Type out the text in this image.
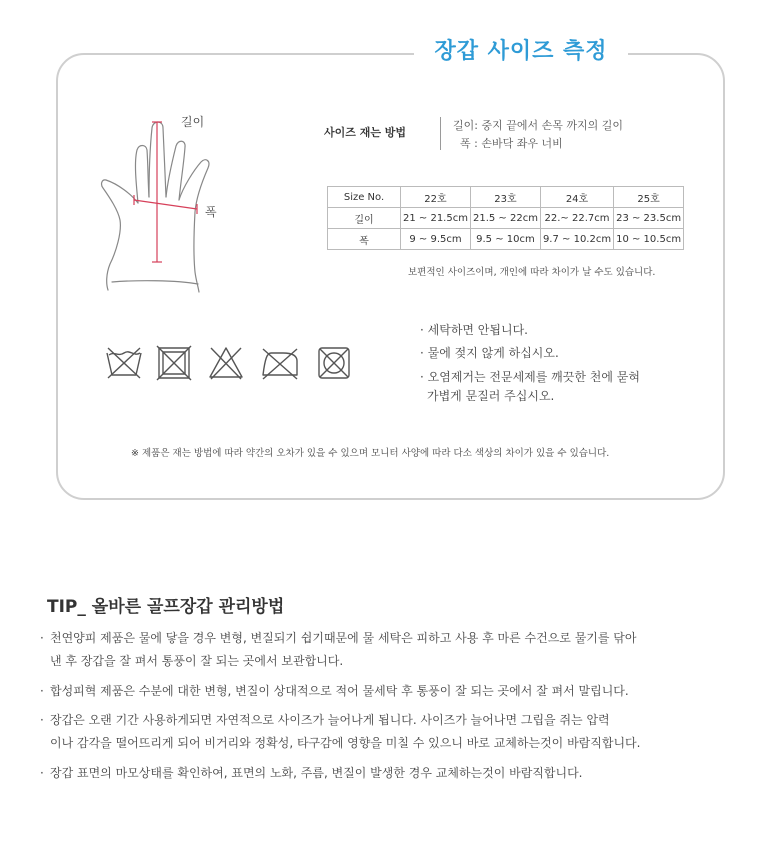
장갑 사이즈 측정
길이
폭
사이즈 재는 방법
길이: 중지 끝에서 손목 까지의 길이
폭 : 손바닥 좌우 너비
Size No.	22호	23호	24호	25호
길이	21 ~ 21.5cm	21.5 ~ 22cm	22.~ 22.7cm	23 ~ 23.5cm
폭	9 ~ 9.5cm	9.5 ~ 10cm	9.7 ~ 10.2cm	10 ~ 10.5cm
보편적인 사이즈이며, 개인에 따라 차이가 날 수도 있습니다.
· 세탁하면 안됩니다.
· 물에 젖지 않게 하십시오.
· 오염제거는 전문세제를 깨끗한 천에 묻혀
가볍게 문질러 주십시오.
※ 제품은 재는 방법에 따라 약간의 오차가 있을 수 있으며 모니터 사양에 따라 다소 색상의 차이가 있을 수 있습니다.
TIP_ 올바른 골프장갑 관리방법
· 천연양피 제품은 물에 닿을 경우 변형, 변질되기 쉽기때문에 물 세탁은 피하고 사용 후 마른 수건으로 물기를 닦아
낸 후 장갑을 잘 펴서 통풍이 잘 되는 곳에서 보관합니다.
· 합성피혁 제품은 수분에 대한 변형, 변질이 상대적으로 적어 물세탁 후 통풍이 잘 되는 곳에서 잘 펴서 말립니다.
· 장갑은 오랜 기간 사용하게되면 자연적으로 사이즈가 늘어나게 됩니다. 사이즈가 늘어나면 그립을 쥐는 압력
이나 감각을 떨어뜨리게 되어 비거리와 정확성, 타구감에 영향을 미칠 수 있으니 바로 교체하는것이 바람직합니다.
· 장갑 표면의 마모상태를 확인하여, 표면의 노화, 주름, 변질이 발생한 경우 교체하는것이 바람직합니다.
